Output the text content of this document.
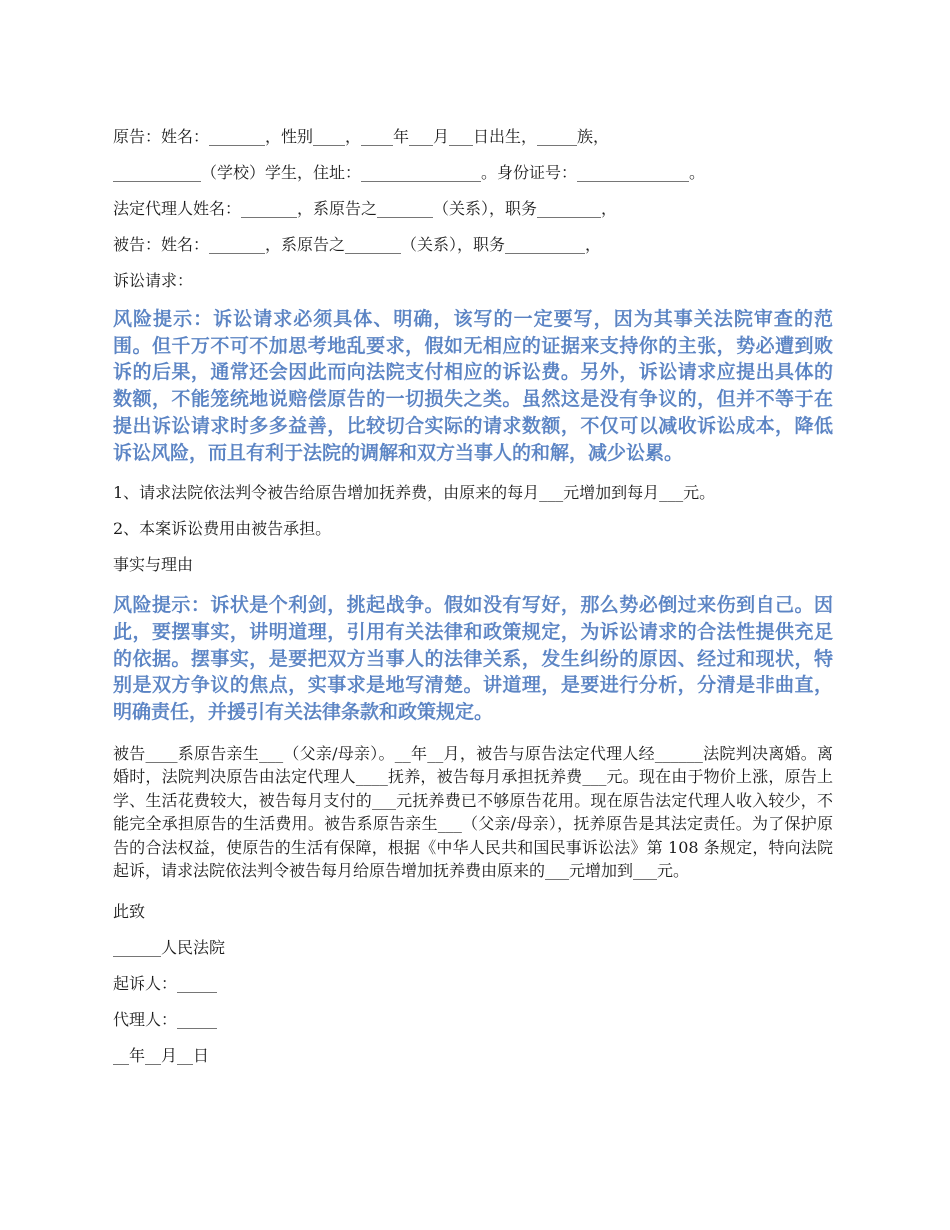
原告：姓名：_______，性别____，____年___月___日出生，_____族，

___________（学校）学生，住址：_______________。身份证号：______________。

法定代理人姓名：_______，系原告之_______（关系），职务________，

被告：姓名：_______，系原告之_______（关系），职务__________，

诉讼请求：

风险提示：诉讼请求必须具体、明确，该写的一定要写，因为其事关法院审查的范围。但千万不可不加思考地乱要求，假如无相应的证据来支持你的主张，势必遭到败诉的后果，通常还会因此而向法院支付相应的诉讼费。另外，诉讼请求应提出具体的数额，不能笼统地说赔偿原告的一切损失之类。虽然这是没有争议的，但并不等于在提出诉讼请求时多多益善，比较切合实际的请求数额，不仅可以减收诉讼成本，降低诉讼风险，而且有利于法院的调解和双方当事人的和解，减少讼累。

1、请求法院依法判令被告给原告增加抚养费，由原来的每月___元增加到每月___元。

2、本案诉讼费用由被告承担。

事实与理由

风险提示：诉状是个利剑，挑起战争。假如没有写好，那么势必倒过来伤到自己。因此，要摆事实，讲明道理，引用有关法律和政策规定，为诉讼请求的合法性提供充足的依据。摆事实，是要把双方当事人的法律关系，发生纠纷的原因、经过和现状，特别是双方争议的焦点，实事求是地写清楚。讲道理，是要进行分析，分清是非曲直，明确责任，并援引有关法律条款和政策规定。

被告____系原告亲生___（父亲/母亲）。__年__月，被告与原告法定代理人经______法院判决离婚。离婚时，法院判决原告由法定代理人____抚养，被告每月承担抚养费___元。现在由于物价上涨，原告上学、生活花费较大，被告每月支付的___元抚养费已不够原告花用。现在原告法定代理人收入较少，不能完全承担原告的生活费用。被告系原告亲生___（父亲/母亲），抚养原告是其法定责任。为了保护原告的合法权益，使原告的生活有保障，根据《中华人民共和国民事诉讼法》第 108 条规定，特向法院起诉，请求法院依法判令被告每月给原告增加抚养费由原来的___元增加到___元。

此致

______人民法院

起诉人：_____

代理人：_____

__年__月__日
